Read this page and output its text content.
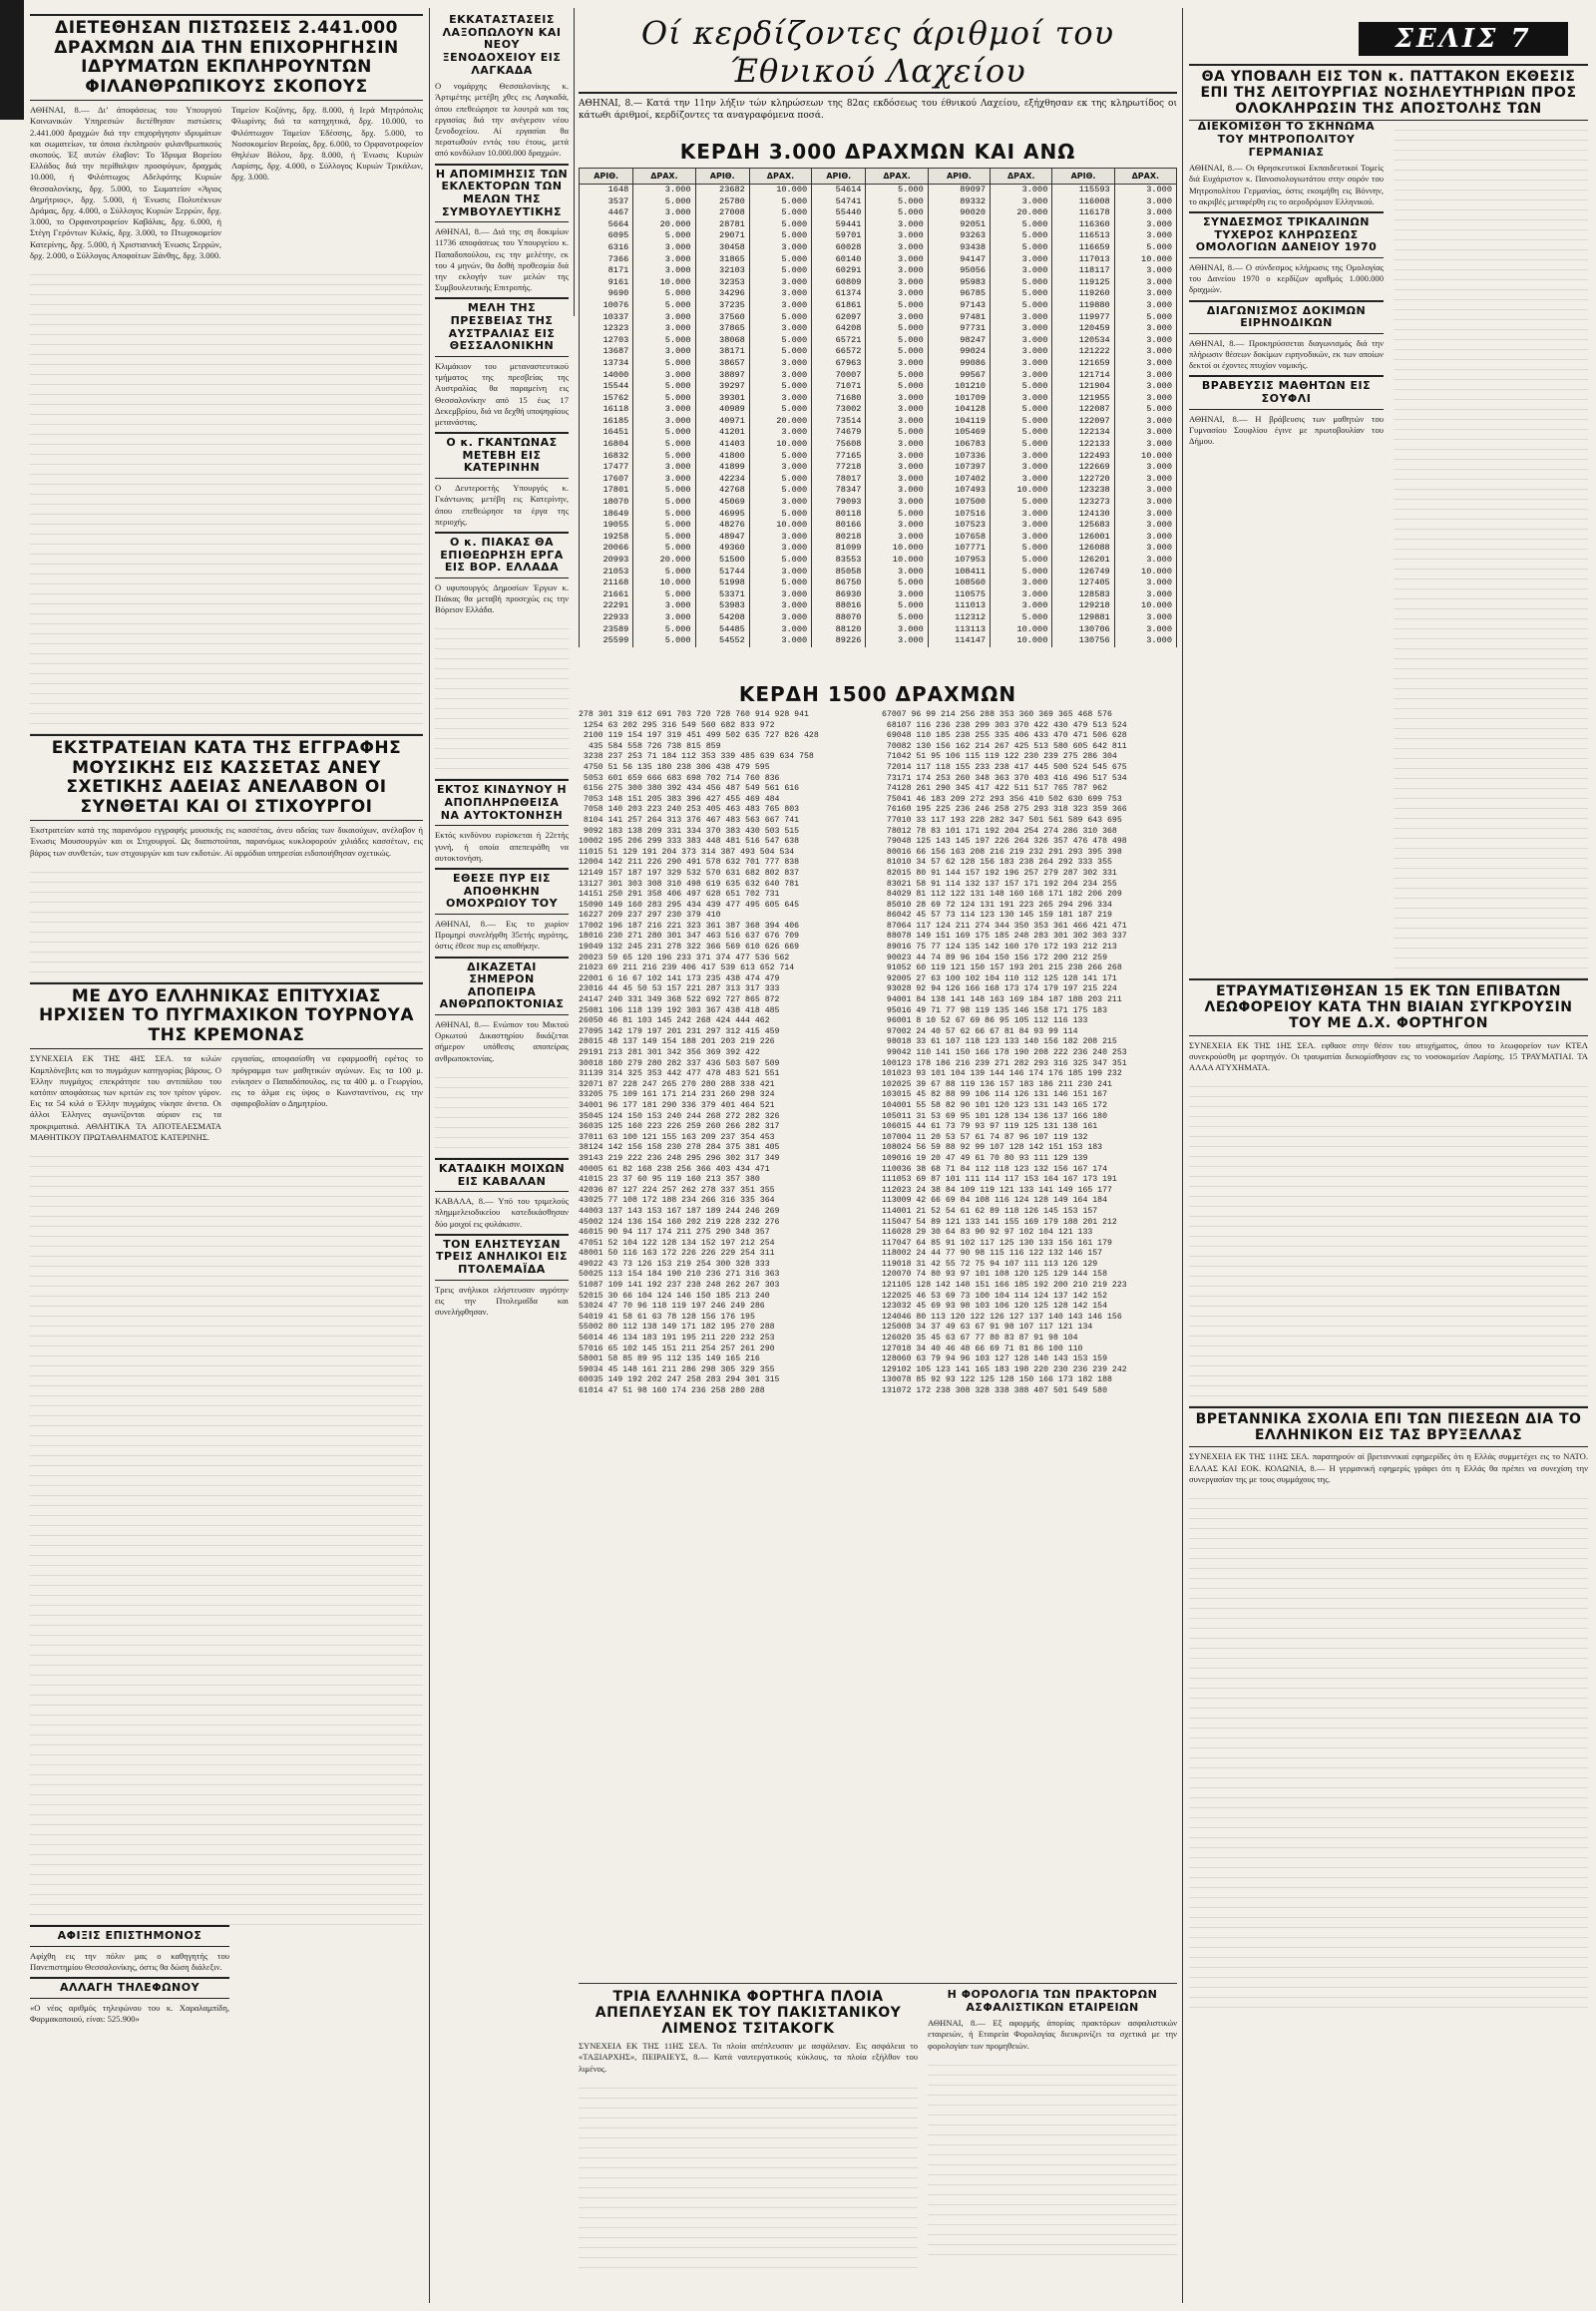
ΔΙΕΤΕΘΗΣΑΝ ΠΙΣΤΩΣΕΙΣ 2.441.000 ΔΡΑΧΜΩΝ ΔΙΑ ΤΗΝ ΕΠΙΧΟΡΗΓΗΣΙΝ ΙΔΡΥΜΑΤΩΝ ΕΚΠΛΗΡΟΥΝΤΩΝ ΦΙΛΑΝΘΡΩΠΙΚΟΥΣ ΣΚΟΠΟΥΣ

ΑΘΗΝΑΙ, 8.— Δι’ άποφάσεως του Υπουργού Κοινωνικών Υπηρεσιών διετέθησαν πιστώσεις 2.441.000 δραχμών διά την επιχορήγησιν ιδρυμάτων και σωματείων, τα όποια έκπληρούν φιλανθρωπικούς σκοπούς. Έξ αυτών έλαβον: Το Ίδρυμα Βορείου Ελλάδος διά την περίθαλψιν προσφύγων, δραχμάς 10.000, ή Φιλόπτωχος Αδελφότης Κυριών Θεσσαλονίκης, δρχ. 5.000, το Σωματείον «Άγιος Δημήτριος», δρχ. 5.000, ή Ένωσις Πολυτέκνων Δράμας, δρχ. 4.000, ο Σύλλογος Κυριών Σερρών, δρχ. 3.000, το Ορφανοτροφείον Καβάλας, δρχ. 6.000, ή Στέγη Γερόντων Κιλκίς, δρχ. 3.000, το Πτωχοκομείον Κατερίνης, δρχ. 5.000, ή Χριστιανική Ένωσις Σερρών, δρχ. 2.000, ο Σύλλογος Αποφοίτων Ξάνθης, δρχ. 3.000.

Ταμείον Κοζάνης, δρχ. 8.000, ή Ιερά Μητρόπολις Φλωρίνης διά τα κατηχητικά, δρχ. 10.000, το Φιλόπτωχον Ταμείον Έδέσσης, δρχ. 5.000, το Νοσοκομείον Βεροίας, δρχ. 6.000, το Ορφανοτροφείον Θηλέων Βόλου, δρχ. 8.000, ή Ένωσις Κυριών Λαρίσης, δρχ. 4.000, ο Σύλλογος Κυριών Τρικάλων, δρχ. 3.000.

ΕΚΣΤΡΑΤΕΙΑΝ ΚΑΤΑ ΤΗΣ ΕΓΓΡΑΦΗΣ ΜΟΥΣΙΚΗΣ ΕΙΣ ΚΑΣΣΕΤΑΣ ΑΝΕΥ ΣΧΕΤΙΚΗΣ ΑΔΕΙΑΣ ΑΝΕΛΑΒΟΝ ΟΙ ΣΥΝΘΕΤΑΙ ΚΑΙ ΟΙ ΣΤΙΧΟΥΡΓΟΙ

Έκστρατείαν κατά της παρανόμου εγγραφής μουσικής εις κασσέτας, άνευ αδείας των δικαιούχων, ανέλαβον ή Ένωσις Μουσουργών και οι Στιχουργοί. Ως διαπιστούται, παρανόμως κυκλοφορούν χιλιάδες κασσέτων, εις βάρος των συνθετών, των στιχουργών και των εκδοτών. Αί αρμόδιαι υπηρεσίαι ειδοποιήθησαν σχετικώς.

ΜΕ ΔΥΟ ΕΛΛΗΝΙΚΑΣ ΕΠΙΤΥΧΙΑΣ ΗΡΧΙΣΕΝ ΤΟ ΠΥΓΜΑΧΙΚΟΝ ΤΟΥΡΝΟΥΑ ΤΗΣ ΚΡΕΜΟΝΑΣ

ΣΥΝΕΧΕΙΑ ΕΚ ΤΗΣ 4ΗΣ ΣΕΛ. τα κιλών Καμπλόνεβιτς και το πυγμάχων κατηγορίας βάρους. Ο Έλλην πυγμάχος επεκράτησε του αντιπάλου του κατόπιν αποφάσεως των κριτών εις τον τρίτον γύρον. Εις τα 54 κιλά ο Έλλην πυγμάχος νίκησε άνετα. Οι άλλοι Έλληνες αγωνίζονται αύριον εις τα προκριματικά. ΑΘΛΗΤΙΚΑ ΤΑ ΑΠΟΤΕΛΕΣΜΑΤΑ ΜΑΘΗΤΙΚΟΥ ΠΡΩΤΑΘΛΗΜΑΤΟΣ ΚΑΤΕΡΙΝΗΣ.

εργασίας, αποφασίσθη να εφαρμοσθή εφέτος το πρόγραμμα των μαθητικών αγώνων. Εις τα 100 μ. ενίκησεν ο Παπαδόπουλος, εις τα 400 μ. ο Γεωργίου, εις το άλμα εις ύψος ο Κωνσταντίνου, εις την σφαιροβολίαν ο Δημητρίου.

ΑΦΙΞΙΣ ΕΠΙΣΤΗΜΟΝΟΣ

Αφίχθη εις την πόλιν μας ο καθηγητής του Πανεπιστημίου Θεσσαλονίκης, όστις θα δώση διάλεξιν.

ΑΛΛΑΓΗ ΤΗΛΕΦΩΝΟΥ

«Ο νέος αριθμός τηλεφώνου του κ. Χαραλαμπίδη, Φαρμακοποιού, είναι: 525.900»

ΕΚΚΑΤΑΣΤΑΣΕΙΣ ΛΑΞΟΠΩΛΟΥΝ ΚΑΙ ΝΕΟΥ ΞΕΝΟΔΟΧΕΙΟΥ ΕΙΣ ΛΑΓΚΑΔΑ

Ο νομάρχης Θεσσαλονίκης κ. Άρτιμέτης μετέβη χθες εις Λαγκαδά, όπου επεθεώρησε τα λουτρά και τας εργασίας διά την ανέγερσιν νέου ξενοδοχείου. Αί εργασίαι θα περατωθούν εντός του έτους, μετά από κονδύλιον 10.000.000 δραχμών.

Η ΑΠΟΜΙΜΗΣΙΣ ΤΩΝ ΕΚΛΕΚΤΟΡΩΝ ΤΩΝ ΜΕΛΩΝ ΤΗΣ ΣΥΜΒΟΥΛΕΥΤΙΚΗΣ

ΑΘΗΝΑΙ, 8.— Διά της ση δοκιμίων 11736 αποφάσεως του Υπουργείου κ. Παπαδοπούλου, εις την μελέτην, εκ του 4 μηνών, θα δοθή προθεσμία διά την εκλογήν των μελών της Συμβουλευτικής Επιτροπής.

ΜΕΛΗ ΤΗΣ ΠΡΕΣΒΕΙΑΣ ΤΗΣ ΑΥΣΤΡΑΛΙΑΣ ΕΙΣ ΘΕΣΣΑΛΟΝΙΚΗΝ

Κλιμάκιον του μεταναστευτικού τμήματος της πρεσβείας της Αυστραλίας θα παραμείνη εις Θεσσαλονίκην από 15 έως 17 Δεκεμβρίου, διά να δεχθή υποψηφίους μετανάστας.

Ο κ. ΓΚΑΝΤΩΝΑΣ ΜΕΤΕΒΗ ΕΙΣ ΚΑΤΕΡΙΝΗΝ

Ο Δευτεροετής Υπουργός κ. Γκάντωνας μετέβη εις Κατερίνην, όπου επεθεώρησε τα έργα της περιοχής.

Ο κ. ΠΙΑΚΑΣ ΘΑ ΕΠΙΘΕΩΡΗΣΗ ΕΡΓΑ ΕΙΣ ΒΟΡ. ΕΛΛΑΔΑ

Ο υφυπουργός Δημοσίων Έργων κ. Πιάκας θα μεταβή προσεχώς εις την Βόρειον Ελλάδα.

ΕΚΤΟΣ ΚΙΝΔΥΝΟΥ Η ΑΠΟΠΛΗΡΩΘΕΙΣΑ ΝΑ ΑΥΤΟΚΤΟΝΗΣΗ

Εκτός κινδύνου ευρίσκεται ή 22ετής γυνή, ή οποία απεπειράθη να αυτοκτονήση.

ΕΘΕΣΕ ΠΥΡ ΕΙΣ ΑΠΟΘΗΚΗΝ ΟΜΟΧΡΩΙΟΥ ΤΟΥ

ΑΘΗΝΑΙ, 8.— Εις το χωρίον Προμηρί συνελήφθη 35ετής αγρότης, όστις έθεσε πυρ εις αποθήκην.

ΔΙΚΑΖΕΤΑΙ ΣΗΜΕΡΟΝ ΑΠΟΠΕΙΡΑ ΑΝΘΡΩΠΟΚΤΟΝΙΑΣ

ΑΘΗΝΑΙ, 8.— Ενώπιον του Μικτού Ορκωτού Δικαστηρίου δικάζεται σήμερον υπόθεσις αποπείρας ανθρωποκτονίας.

ΚΑΤΑΔΙΚΗ ΜΟΙΧΩΝ ΕΙΣ ΚΑΒΑΛΑΝ

ΚΑΒΑΛΑ, 8.— Υπό του τριμελούς πλημμελειοδικείου κατεδικάσθησαν δύο μοιχοί εις φυλάκισιν.

ΤΟΝ ΕΛΗΣΤΕΥΣΑΝ ΤΡΕΙΣ ΑΝΗΛΙΚΟΙ ΕΙΣ ΠΤΟΛΕΜΑΪΔΑ

Τρεις ανήλικοι ελήστευσαν αγρότην εις την Πτολεμαΐδα και συνελήφθησαν.

Οί κερδίζοντες άριθμοί του Έθνικού Λαχείου
ΑΘΗΝΑΙ, 8.— Κατά την 11ην λήξιν τών κληρώσεων της 82ας εκδόσεως του έθνικού Λαχείου, εξήχθησαν εκ της κληρωτίδος οι κάτωθι άριθμοί, κερδίζοντες τα αναγραφόμενα ποσά.
ΚΕΡΔΗ 3.000 ΔΡΑΧΜΩΝ ΚΑΙ ΑΝΩ
ΑΡΙΘ.	ΔΡΑΧ.	ΑΡΙΘ.	ΔΡΑΧ.	ΑΡΙΘ.	ΔΡΑΧ.	ΑΡΙΘ.	ΔΡΑΧ.	ΑΡΙΘ.	ΔΡΑΧ.
1648	3.000	23682	10.000	54614	5.000	89097	3.000	115593	3.000
3537	5.000	25780	5.000	54741	5.000	89332	3.000	116008	3.000
4467	3.000	27008	5.000	55440	5.000	90020	20.000	116178	3.000
5664	20.000	28781	5.000	59441	3.000	92051	5.000	116360	3.000
6095	5.000	29071	5.000	59701	3.000	93263	5.000	116513	3.000
6316	3.000	30458	3.000	60028	3.000	93438	5.000	116659	5.000
7366	3.000	31865	5.000	60140	3.000	94147	3.000	117013	10.000
8171	3.000	32103	5.000	60291	3.000	95056	3.000	118117	3.000
9161	10.000	32353	3.000	60809	3.000	95983	5.000	119125	3.000
9690	5.000	34296	3.000	61374	3.000	96785	5.000	119260	3.000
10076	5.000	37235	3.000	61861	5.000	97143	5.000	119880	3.000
10337	3.000	37560	5.000	62097	3.000	97481	3.000	119977	5.000
12323	3.000	37865	3.000	64208	5.000	97731	3.000	120459	3.000
12703	5.000	38068	5.000	65721	5.000	98247	3.000	120534	3.000
13687	3.000	38171	5.000	66572	5.000	99024	3.000	121222	3.000
13734	5.000	38657	3.000	67963	3.000	99086	3.000	121659	3.000
14000	3.000	38897	3.000	70007	5.000	99567	3.000	121714	3.000
15544	5.000	39297	5.000	71071	5.000	101210	5.000	121904	3.000
15762	5.000	39301	3.000	71680	3.000	101709	3.000	121955	3.000
16118	3.000	40989	5.000	73002	3.000	104128	5.000	122087	5.000
16185	3.000	40971	20.000	73514	3.000	104119	5.000	122097	3.000
16451	5.000	41201	3.000	74679	5.000	105469	5.000	122134	3.000
16804	5.000	41403	10.000	75608	3.000	106783	5.000	122133	3.000
16832	5.000	41800	5.000	77165	3.000	107336	3.000	122493	10.000
17477	3.000	41899	3.000	77218	3.000	107397	3.000	122669	3.000
17607	3.000	42234	5.000	78017	3.000	107402	3.000	122720	3.000
17801	5.000	42768	5.000	78347	3.000	107493	10.000	123238	3.000
18070	5.000	45069	3.000	79093	3.000	107500	5.000	123273	3.000
18649	5.000	46995	5.000	80118	5.000	107516	3.000	124130	3.000
19055	5.000	48276	10.000	80166	3.000	107523	3.000	125683	3.000
19258	5.000	48947	3.000	80218	3.000	107658	3.000	126001	3.000
20066	5.000	49360	3.000	81099	10.000	107771	5.000	126088	3.000
20993	20.000	51500	5.000	83553	10.000	107953	5.000	126201	3.000
21053	5.000	51744	3.000	85058	3.000	108411	5.000	126749	10.000
21168	10.000	51998	5.000	86750	5.000	108560	3.000	127405	3.000
21661	5.000	53371	3.000	86930	3.000	110575	3.000	128583	3.000
22291	3.000	53983	3.000	88016	5.000	111013	3.000	129218	10.000
22933	3.000	54208	3.000	88070	5.000	112312	5.000	129881	3.000
23589	5.000	54485	3.000	88120	3.000	113113	10.000	130706	3.000
25599	5.000	54552	3.000	89226	3.000	114147	10.000	130756	3.000
ΚΕΡΔΗ 1500 ΔΡΑΧΜΩΝ
278 301 319 612 691 703 720 728 760 914 928 941
1254 63 202 295 316 549 560 682 833 972
2100 119 154 197 319 451 499 502 635 727 826 428
435 584 558 726 738 815 859
3238 237 253 71 184 112 353 339 485 639 634 758
4750 51 56 135 180 238 306 438 479 595
5053 601 659 666 683 698 702 714 760 836
6156 275 300 380 392 434 456 487 549 561 616
7053 148 151 205 383 396 427 455 469 484
7058 140 203 223 240 253 405 463 483 765 803
8104 141 257 264 313 376 467 483 563 667 741
9092 183 138 209 331 334 370 383 430 503 515
10002 195 206 299 333 383 448 481 516 547 638
11015 51 129 191 204 373 314 387 493 504 534
12004 142 211 226 290 491 578 632 701 777 838
12149 157 187 197 329 532 570 631 682 802 837
13127 301 303 308 310 498 619 635 632 640 781
14151 250 291 358 406 497 628 651 702 731
15090 149 160 283 295 434 439 477 495 605 645
16227 209 237 297 230 379 410
17002 196 187 216 221 323 361 387 368 394 406
18016 230 271 280 301 347 463 516 637 676 709
19049 132 245 231 278 322 366 569 610 626 669
20023 59 65 120 196 233 371 374 477 536 562
21023 69 211 216 239 406 417 539 613 652 714
22001 6 16 67 102 141 173 235 438 474 479
23016 44 45 50 53 157 221 287 313 317 333
24147 240 331 349 368 522 692 727 865 872
25081 106 118 139 192 303 367 438 418 485
26050 46 81 103 145 242 268 424 444 462
27095 142 179 197 201 231 297 312 415 459
28015 48 137 149 154 188 201 203 219 226
29191 213 281 301 342 356 369 392 422
30018 180 279 280 282 337 436 503 507 509
31139 314 325 353 442 477 478 483 521 551
32071 87 228 247 265 270 280 288 338 421
33205 75 109 161 171 214 231 260 298 324
34001 96 177 181 290 336 379 401 464 521
35045 124 150 153 240 244 268 272 282 326
36035 125 160 223 226 259 260 266 282 317
37011 63 100 121 155 163 209 237 354 453
38124 142 156 158 230 278 284 375 381 405
39143 219 222 236 248 295 296 302 317 349
40005 61 82 168 238 256 366 403 434 471
41015 23 37 60 95 119 160 213 357 380
42036 87 127 224 257 262 278 337 351 355
43025 77 108 172 188 234 266 316 335 364
44003 137 143 153 167 187 189 244 246 269
45002 124 136 154 160 202 219 228 232 276
46015 90 94 117 174 211 275 290 348 357
47051 52 104 122 128 134 152 197 212 254
48001 50 116 163 172 226 226 229 254 311
49022 43 73 126 153 219 254 300 328 333
50025 113 154 184 190 210 236 271 316 363
51087 109 141 192 237 238 248 262 267 303
52015 30 66 104 124 146 150 185 213 240
53024 47 70 96 118 119 197 246 249 286
54019 41 58 61 63 78 128 156 176 195
55002 80 112 138 149 171 182 195 270 288
56014 46 134 183 191 195 211 220 232 253
57016 65 102 145 151 211 254 257 261 290
58001 58 85 89 95 112 135 149 165 216
59034 45 148 161 211 286 298 305 329 355
60035 149 192 202 247 258 283 294 301 315
61014 47 51 98 160 174 236 258 280 288
67007 96 99 214 256 288 353 360 369 365 468 576
68107 116 236 238 299 303 370 422 430 479 513 524
69048 110 185 238 255 335 406 433 470 471 506 628
70082 130 156 162 214 267 425 513 580 605 642 811
71042 51 95 106 115 119 122 230 239 275 286 304
72014 117 118 155 233 238 417 445 500 524 545 675
73171 174 253 260 348 363 370 403 416 496 517 534
74128 261 290 345 417 422 511 517 765 787 962
75041 46 183 209 272 293 356 410 502 630 699 753
76160 195 225 236 246 258 275 293 318 323 359 366
77010 33 117 193 228 282 347 501 561 589 643 695
78012 78 83 101 171 192 204 254 274 286 310 368
79048 125 143 145 197 226 264 326 357 476 478 498
80016 66 156 163 208 216 219 232 291 293 395 398
81010 34 57 62 128 156 183 238 264 292 333 355
82015 80 91 144 157 192 196 257 279 287 302 331
83021 58 91 114 132 137 157 171 192 204 234 255
84029 81 112 122 131 148 160 168 171 182 206 209
85010 28 69 72 124 131 191 223 265 294 296 334
86042 45 57 73 114 123 130 145 159 181 187 219
87064 117 124 211 274 344 350 353 361 466 421 471
88078 149 151 169 175 185 248 283 301 302 303 337
89016 75 77 124 135 142 160 170 172 193 212 213
90023 44 74 89 96 104 150 156 172 200 212 259
91052 60 119 121 150 157 193 201 215 238 266 268
92005 27 63 100 102 104 110 112 125 128 141 171
93028 92 94 126 166 168 173 174 179 197 215 224
94001 84 138 141 148 163 169 184 187 188 203 211
95016 49 71 77 98 119 135 146 158 171 175 183
96001 8 10 52 67 69 86 95 105 112 116 133
97002 24 40 57 62 66 67 81 84 93 99 114
98018 33 61 107 118 123 133 140 156 182 208 215
99042 110 141 150 166 178 190 208 222 236 240 253
100123 178 186 216 239 271 282 293 316 325 347 351
101023 93 101 104 139 144 146 174 176 185 199 232
102025 39 67 88 119 136 157 183 186 211 230 241
103015 45 82 88 99 106 114 126 131 146 151 167
104001 55 58 82 90 101 120 123 131 143 165 172
105011 31 53 69 95 101 128 134 136 137 166 180
106015 44 61 73 79 93 97 119 125 131 138 161
107004 11 20 53 57 61 74 87 96 107 119 132
108024 56 59 88 92 99 107 128 142 151 153 183
109016 19 20 47 49 61 70 80 93 111 129 139
110036 38 68 71 84 112 118 123 132 156 167 174
111053 69 87 101 111 114 117 153 164 167 173 191
112023 24 38 84 109 119 121 133 141 149 165 177
113009 42 66 69 84 108 116 124 128 149 164 184
114001 21 52 54 61 62 89 118 126 145 153 157
115047 54 89 121 133 141 155 169 179 188 201 212
116028 29 30 64 83 90 92 97 102 104 121 133
117047 64 85 91 102 117 125 130 133 156 161 179
118002 24 44 77 90 98 115 116 122 132 146 157
119018 31 42 55 72 75 94 107 111 113 126 129
120070 74 80 93 97 101 108 120 125 129 144 158
121105 128 142 148 151 166 185 192 200 210 219 223
122025 46 53 69 73 100 104 114 124 137 142 152
123032 45 69 93 98 103 106 120 125 128 142 154
124046 80 113 120 122 126 127 137 140 143 146 156
125008 34 37 49 63 67 91 98 107 117 121 134
126020 35 45 63 67 77 80 83 87 91 98 104
127018 34 40 46 48 66 69 71 81 86 100 110
128060 63 79 94 96 103 127 128 140 143 153 159
129102 105 123 141 165 183 198 220 230 236 239 242
130078 85 92 93 122 125 128 150 166 173 182 188
131072 172 238 308 328 338 388 407 501 549 580
ΤΡΙΑ ΕΛΛΗΝΙΚΑ ΦΟΡΤΗΓΑ ΠΛΟΙΑ ΑΠΕΠΛΕΥΣΑΝ ΕΚ ΤΟΥ ΠΑΚΙΣΤΑΝΙΚΟΥ ΛΙΜΕΝΟΣ ΤΣΙΤΑΚΟΓΚ

ΣΥΝΕΧΕΙΑ ΕΚ ΤΗΣ 11ΗΣ ΣΕΛ. Τα πλοία απέπλευσαν με ασφάλειαν. Εις ασφάλεια το «ΤΑΞΙΑΡΧΗΣ», ΠΕΙΡΑΙΕΥΣ, 8.— Κατά ναυτεργατικούς κύκλους, τα πλοία εξήλθον του λιμένος.

Η ΦΟΡΟΛΟΓΙΑ ΤΩΝ ΠΡΑΚΤΟΡΩΝ ΑΣΦΑΛΙΣΤΙΚΩΝ ΕΤΑΙΡΕΙΩΝ

ΑΘΗΝΑΙ, 8.— Εξ αφορμής άπορίας πρακτόρων ασφαλιστικών εταιρειών, ή Εταιρεία Φορολογίας διευκρινίζει τα σχετικά με την φορολογίαν των προμηθειών.

ΣΕΛΙΣ 7
ΘΑ ΥΠΟΒΑΛΗ ΕΙΣ ΤΟΝ κ. ΠΑΤΤΑΚΟΝ ΕΚΘΕΣΙΣ ΕΠΙ ΤΗΣ ΛΕΙΤΟΥΡΓΙΑΣ ΝΟΣΗΛΕΥΤΗΡΙΩΝ ΠΡΟΣ ΟΛΟΚΛΗΡΩΣΙΝ ΤΗΣ ΑΠΟΣΤΟΛΗΣ ΤΩΝ
ΔΙΕΚΟΜΙΣΘΗ ΤΟ ΣΚΗΝΩΜΑ ΤΟΥ ΜΗΤΡΟΠΟΛΙΤΟΥ ΓΕΡΜΑΝΙΑΣ

ΑΘΗΝΑΙ, 8.— Οι Θρησκευτικοί Εκπαιδευτικοί Τομείς διά Ευχάριστον κ. Πανοσιολογιωτάτου στην σορόν του Μητροπολίτου Γερμανίας, όστις εκοιμήθη εις Βόννην, το ακριβές μεταφέρθη εις το αεροδρόμιον Ελληνικού.

ΣΥΝΔΕΣΜΟΣ ΤΡΙΚΑΛΙΝΩΝ ΤΥΧΕΡΟΣ ΚΛΗΡΩΣΕΩΣ ΟΜΟΛΟΓΙΩΝ ΔΑΝΕΙΟΥ 1970

ΑΘΗΝΑΙ, 8.— Ο σύνδεσμος κλήρωσις της Ομολογίας του Δανείου 1970 ο κερδίζων αριθμός 1.000.000 δραχμών.

ΔΙΑΓΩΝΙΣΜΟΣ ΔΟΚΙΜΩΝ ΕΙΡΗΝΟΔΙΚΩΝ

ΑΘΗΝΑΙ, 8.— Προκηρύσσεται διαγωνισμός διά την πλήρωσιν θέσεων δοκίμων ειρηνοδικών, εκ των οποίων δεκτοί οι έχοντες πτυχίον νομικής.

ΒΡΑΒΕΥΣΙΣ ΜΑΘΗΤΩΝ ΕΙΣ ΣΟΥΦΛΙ

ΑΘΗΝΑΙ, 8.— Η βράβευσις των μαθητών του Γυμνασίου Σουφλίου έγινε με πρωτοβουλίαν του Δήμου.

ΕΤΡΑΥΜΑΤΙΣΘΗΣΑΝ 15 ΕΚ ΤΩΝ ΕΠΙΒΑΤΩΝ ΛΕΩΦΟΡΕΙΟΥ ΚΑΤΑ ΤΗΝ ΒΙΑΙΑΝ ΣΥΓΚΡΟΥΣΙΝ ΤΟΥ ΜΕ Δ.Χ. ΦΟΡΤΗΓΟΝ

ΣΥΝΕΧΕΙΑ ΕΚ ΤΗΣ 1ΗΣ ΣΕΛ. εφθασε στην θέσιν του ατυχήματος, όπου το λεωφορείον των ΚΤΕΛ συνεκρούσθη με φορτηγόν. Οι τραυματίαι διεκομίσθησαν εις το νοσοκομείον Λαρίσης. 15 ΤΡΑΥΜΑΤΙΑΙ. ΤΑ ΑΛΛΑ ΑΤΥΧΗΜΑΤΑ.

ΒΡΕΤΑΝΝΙΚΑ ΣΧΟΛΙΑ ΕΠΙ ΤΩΝ ΠΙΕΣΕΩΝ ΔΙΑ ΤΟ ΕΛΛΗΝΙΚΟΝ ΕΙΣ ΤΑΣ ΒΡΥΞΕΛΛΑΣ

ΣΥΝΕΧΕΙΑ ΕΚ ΤΗΣ 11ΗΣ ΣΕΛ. παρατηρούν αί βρεταννικαί εφημερίδες ότι η Ελλάς συμμετέχει εις το ΝΑΤΟ. ΕΛΛΑΣ ΚΑΙ ΕΟΚ. ΚΟΛΩΝΙΑ, 8.— Η γερμανική εφημερίς γράφει ότι η Ελλάς θα πρέπει να συνεχίση την συνεργασίαν της με τους συμμάχους της.
